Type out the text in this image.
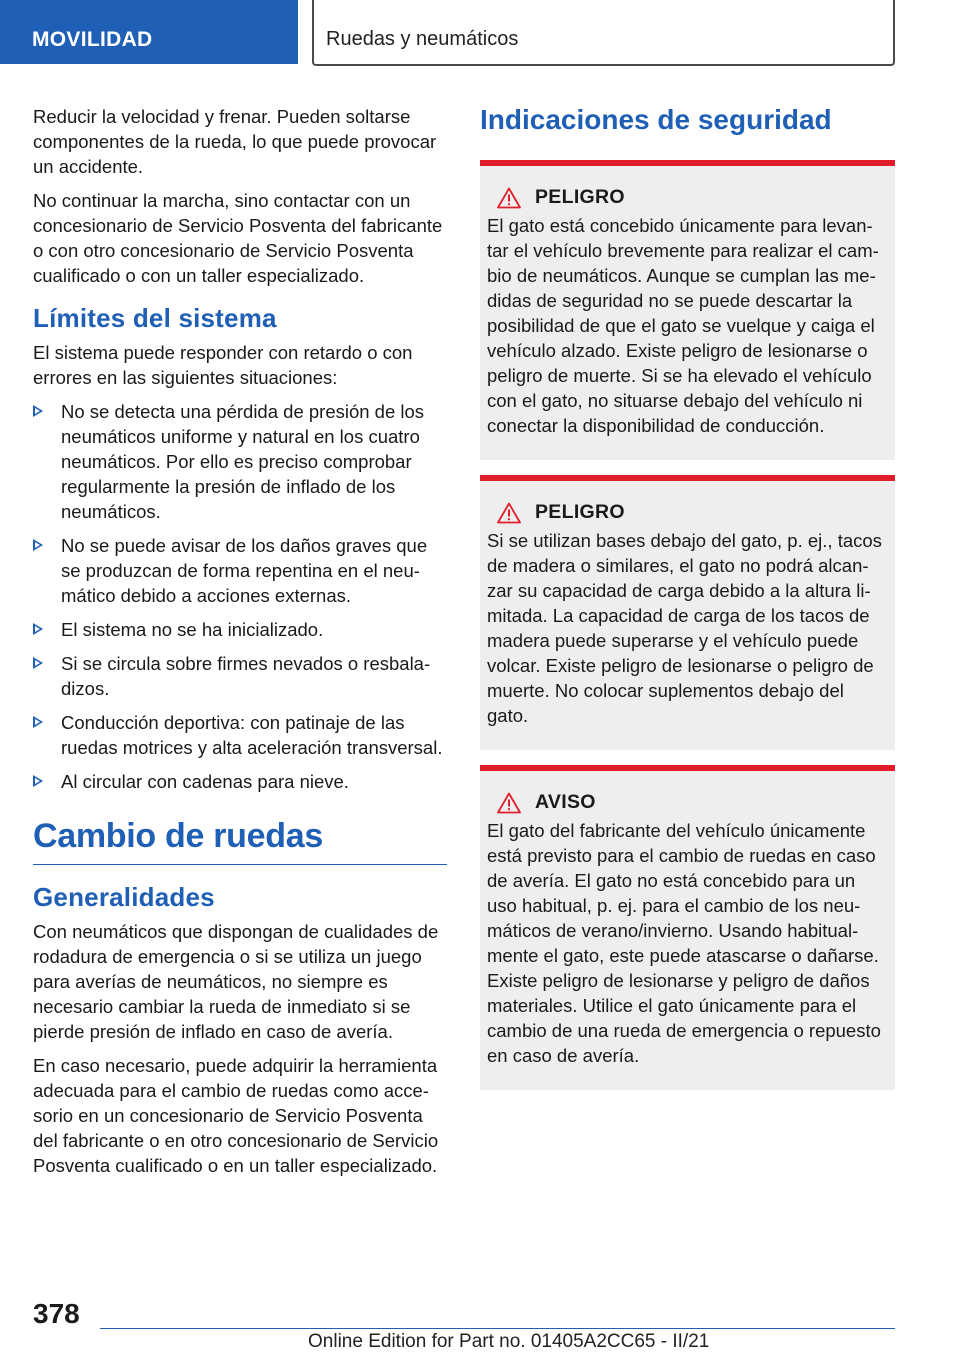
MOVILIDAD	Ruedas y neumáticos

Reducir la velocidad y frenar. Pueden soltarse componentes de la rueda, lo que puede provocar un accidente.

No continuar la marcha, sino contactar con un concesionario de Servicio Posventa del fabricante o con otro concesionario de Servicio Posventa cualificado o con un taller especializado.

Límites del sistema

El sistema puede responder con retardo o con errores en las siguientes situaciones:

No se detecta una pérdida de presión de los neumáticos uniforme y natural en los cuatro neumáticos. Por ello es preciso comprobar regularmente la presión de inflado de los neumáticos.
No se puede avisar de los daños graves que se produzcan de forma repentina en el neumático debido a acciones externas.
El sistema no se ha inicializado.
Si se circula sobre firmes nevados o resbaladizos.
Conducción deportiva: con patinaje de las ruedas motrices y alta aceleración transversal.
Al circular con cadenas para nieve.
Cambio de ruedas
Generalidades

Con neumáticos que dispongan de cualidades de rodadura de emergencia o si se utiliza un juego para averías de neumáticos, no siempre es necesario cambiar la rueda de inmediato si se pierde presión de inflado en caso de avería.

En caso necesario, puede adquirir la herramienta adecuada para el cambio de ruedas como accesorio en un concesionario de Servicio Posventa del fabricante o en otro concesionario de Servicio Posventa cualificado o en un taller especializado.

Indicaciones de seguridad
PELIGRO

El gato está concebido únicamente para levantar el vehículo brevemente para realizar el cambio de neumáticos. Aunque se cumplan las medidas de seguridad no se puede descartar la posibilidad de que el gato se vuelque y caiga el vehículo alzado. Existe peligro de lesionarse o peligro de muerte. Si se ha elevado el vehículo con el gato, no situarse debajo del vehículo ni conectar la disponibilidad de conducción.

PELIGRO

Si se utilizan bases debajo del gato, p. ej., tacos de madera o similares, el gato no podrá alcanzar su capacidad de carga debido a la altura limitada. La capacidad de carga de los tacos de madera puede superarse y el vehículo puede volcar. Existe peligro de lesionarse o peligro de muerte. No colocar suplementos debajo del gato.

AVISO

El gato del fabricante del vehículo únicamente está previsto para el cambio de ruedas en caso de avería. El gato no está concebido para un uso habitual, p. ej. para el cambio de los neumáticos de verano/invierno. Usando habitualmente el gato, este puede atascarse o dañarse. Existe peligro de lesionarse y peligro de daños materiales. Utilice el gato únicamente para el cambio de una rueda de emergencia o repuesto en caso de avería.

378
Online Edition for Part no. 01405A2CC65 - II/21
